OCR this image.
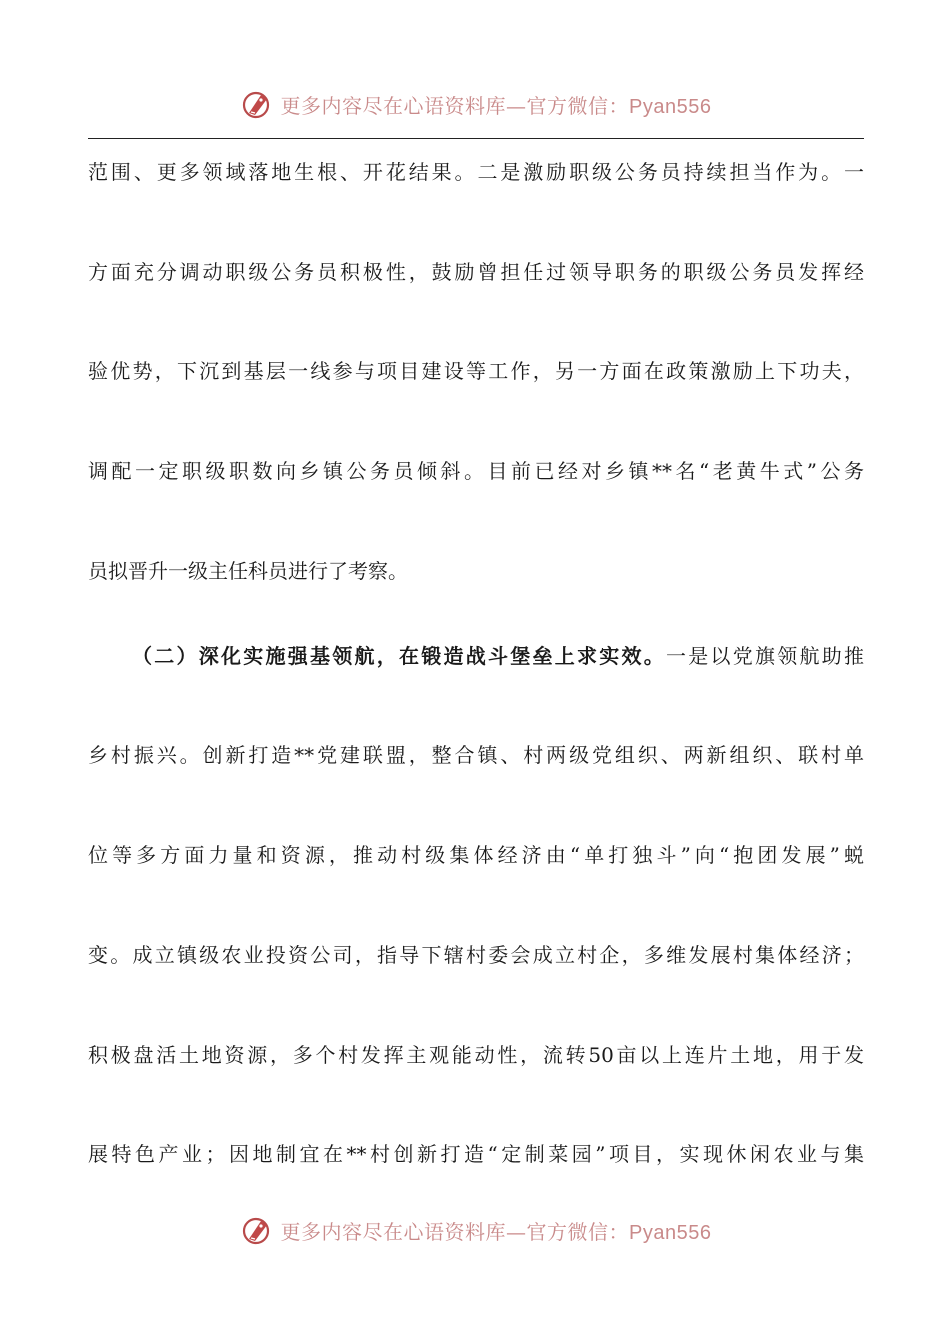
更多内容尽在心语资料库—官方微信：Pyan556
范围、更多领域落地生根、开花结果。二是激励职级公务员持续担当作为。一
方面充分调动职级公务员积极性，鼓励曾担任过领导职务的职级公务员发挥经
验优势，下沉到基层一线参与项目建设等工作，另一方面在政策激励上下功夫，
调配一定职级职数向乡镇公务员倾斜。目前已经对乡镇**名“老黄牛式”公务
员拟晋升一级主任科员进行了考察。
（二）深化实施强基领航，在锻造战斗堡垒上求实效。一是以党旗领航助推
乡村振兴。创新打造**党建联盟，整合镇、村两级党组织、两新组织、联村单
位等多方面力量和资源，推动村级集体经济由“单打独斗”向“抱团发展”蜕
变。成立镇级农业投资公司，指导下辖村委会成立村企，多维发展村集体经济；
积极盘活土地资源，多个村发挥主观能动性，流转50亩以上连片土地，用于发
展特色产业；因地制宜在**村创新打造“定制菜园”项目，实现休闲农业与集
更多内容尽在心语资料库—官方微信：Pyan556
